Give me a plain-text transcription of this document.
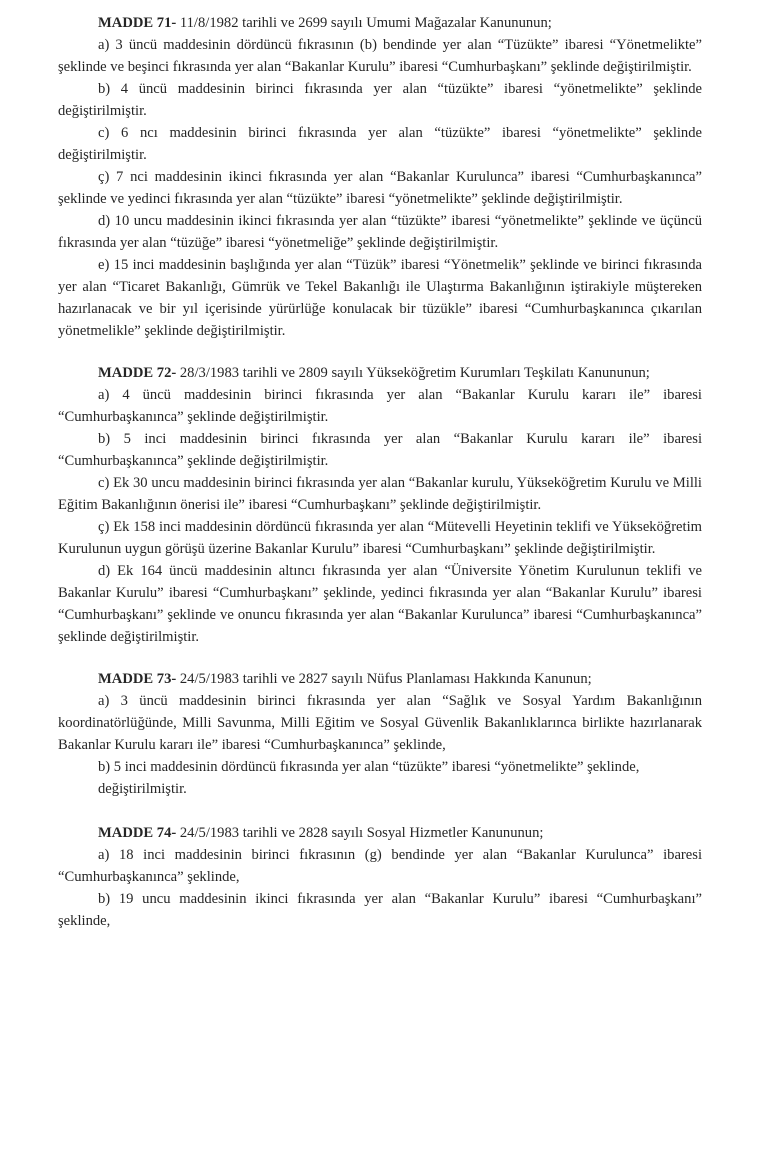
MADDE 71- 11/8/1982 tarihli ve 2699 sayılı Umumi Mağazalar Kanununun;

a) 3 üncü maddesinin dördüncü fıkrasının (b) bendinde yer alan “Tüzükte” ibaresi “Yönetmelikte” şeklinde ve beşinci fıkrasında yer alan “Bakanlar Kurulu” ibaresi “Cumhurbaşkanı” şeklinde değiştirilmiştir.

b) 4 üncü maddesinin birinci fıkrasında yer alan “tüzükte” ibaresi “yönetmelikte” şeklinde değiştirilmiştir.

c) 6 ncı maddesinin birinci fıkrasında yer alan “tüzükte” ibaresi “yönetmelikte” şeklinde değiştirilmiştir.

ç) 7 nci maddesinin ikinci fıkrasında yer alan “Bakanlar Kurulunca” ibaresi “Cumhurbaşkanınca” şeklinde ve yedinci fıkrasında yer alan “tüzükte” ibaresi “yönetmelikte” şeklinde değiştirilmiştir.

d) 10 uncu maddesinin ikinci fıkrasında yer alan “tüzükte” ibaresi “yönetmelikte” şeklinde ve üçüncü fıkrasında yer alan “tüzüğe” ibaresi “yönetmeliğe” şeklinde değiştirilmiştir.

e) 15 inci maddesinin başlığında yer alan “Tüzük” ibaresi “Yönetmelik” şeklinde ve birinci fıkrasında yer alan “Ticaret Bakanlığı, Gümrük ve Tekel Bakanlığı ile Ulaştırma Bakanlığının iştirakiyle müştereken hazırlanacak ve bir yıl içerisinde yürürlüğe konulacak bir tüzükle” ibaresi “Cumhurbaşkanınca çıkarılan yönetmelikle” şeklinde değiştirilmiştir.

MADDE 72- 28/3/1983 tarihli ve 2809 sayılı Yükseköğretim Kurumları Teşkilatı Kanununun;

a) 4 üncü maddesinin birinci fıkrasında yer alan “Bakanlar Kurulu kararı ile” ibaresi “Cumhurbaşkanınca” şeklinde değiştirilmiştir.

b) 5 inci maddesinin birinci fıkrasında yer alan “Bakanlar Kurulu kararı ile” ibaresi “Cumhurbaşkanınca” şeklinde değiştirilmiştir.

c) Ek 30 uncu maddesinin birinci fıkrasında yer alan “Bakanlar kurulu, Yükseköğretim Kurulu ve Milli Eğitim Bakanlığının önerisi ile” ibaresi “Cumhurbaşkanı” şeklinde değiştirilmiştir.

ç) Ek 158 inci maddesinin dördüncü fıkrasında yer alan “Mütevelli Heyetinin teklifi ve Yükseköğretim Kurulunun uygun görüşü üzerine Bakanlar Kurulu” ibaresi “Cumhurbaşkanı” şeklinde değiştirilmiştir.

d) Ek 164 üncü maddesinin altıncı fıkrasında yer alan “Üniversite Yönetim Kurulunun teklifi ve Bakanlar Kurulu” ibaresi “Cumhurbaşkanı” şeklinde, yedinci fıkrasında yer alan “Bakanlar Kurulu” ibaresi “Cumhurbaşkanı” şeklinde ve onuncu fıkrasında yer alan “Bakanlar Kurulunca” ibaresi “Cumhurbaşkanınca” şeklinde değiştirilmiştir.

MADDE 73- 24/5/1983 tarihli ve 2827 sayılı Nüfus Planlaması Hakkında Kanunun;

a) 3 üncü maddesinin birinci fıkrasında yer alan “Sağlık ve Sosyal Yardım Bakanlığının koordinatörlüğünde, Milli Savunma, Milli Eğitim ve Sosyal Güvenlik Bakanlıklarınca birlikte hazırlanarak Bakanlar Kurulu kararı ile” ibaresi “Cumhurbaşkanınca” şeklinde,

b) 5 inci maddesinin dördüncü fıkrasında yer alan “tüzükte” ibaresi “yönetmelikte” şeklinde,

değiştirilmiştir.

MADDE 74- 24/5/1983 tarihli ve 2828 sayılı Sosyal Hizmetler Kanununun;

a) 18 inci maddesinin birinci fıkrasının (g) bendinde yer alan “Bakanlar Kurulunca” ibaresi “Cumhurbaşkanınca” şeklinde,

b) 19 uncu maddesinin ikinci fıkrasında yer alan “Bakanlar Kurulu” ibaresi “Cumhurbaşkanı” şeklinde,
